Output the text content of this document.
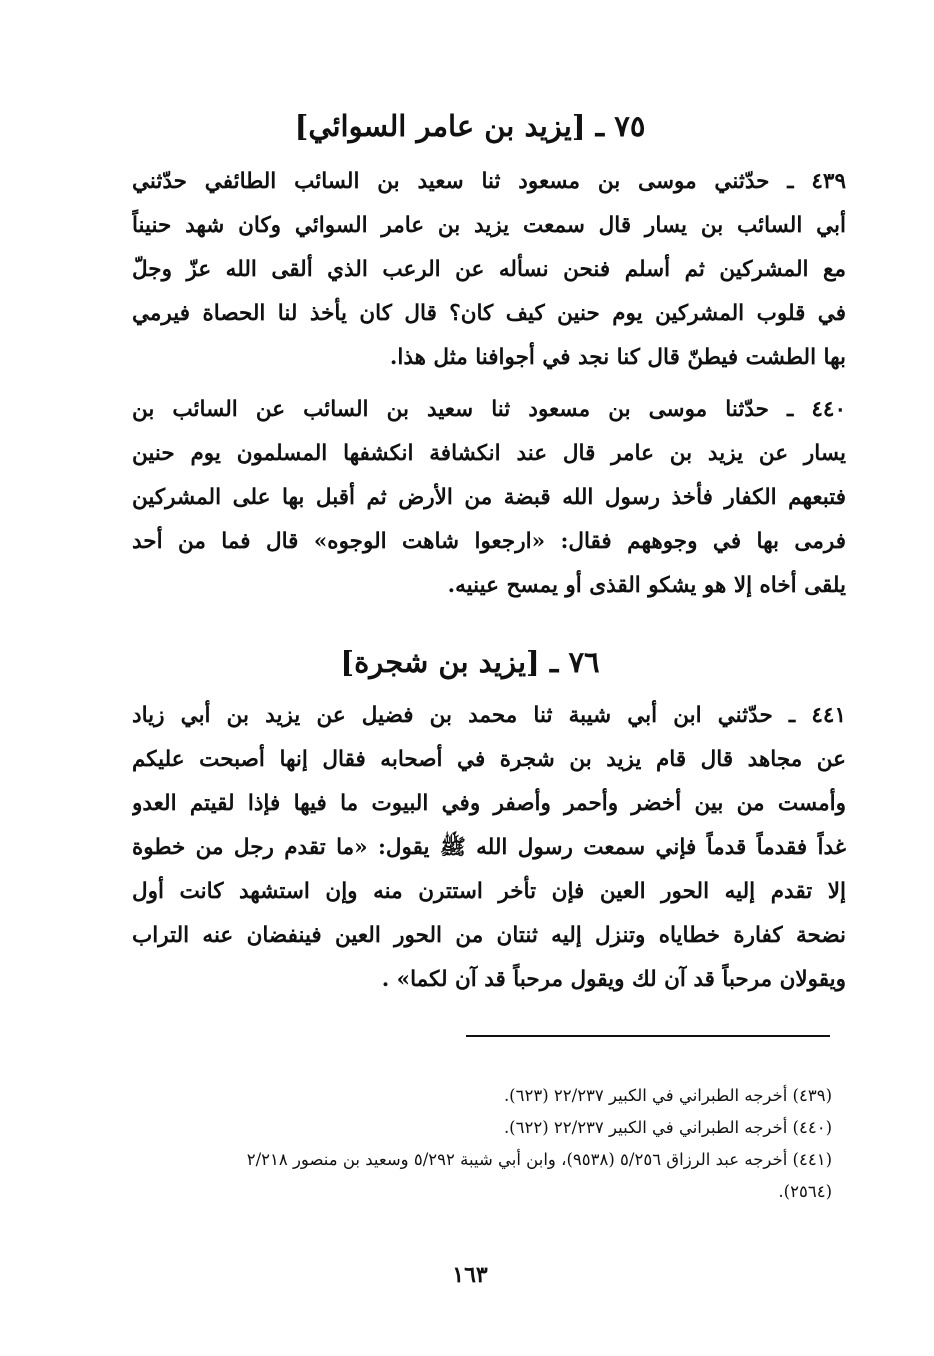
٧٥ ـ [يزيد بن عامر السوائي]
٤٣٩ ـ حدّثني موسى بن مسعود ثنا سعيد بن السائب الطائفي حدّثني
أبي السائب بن يسار قال سمعت يزيد بن عامر السوائي وكان شهد حنيناً
مع المشركين ثم أسلم فنحن نسأله عن الرعب الذي ألقى الله عزّ وجلّ
في قلوب المشركين يوم حنين كيف كان؟ قال كان يأخذ لنا الحصاة فيرمي
بها الطشت فيطنّ قال كنا نجد في أجوافنا مثل هذا.
٤٤٠ ـ حدّثنا موسى بن مسعود ثنا سعيد بن السائب عن السائب بن
يسار عن يزيد بن عامر قال عند انكشافة انكشفها المسلمون يوم حنين
فتبعهم الكفار فأخذ رسول الله قبضة من الأرض ثم أقبل بها على المشركين
فرمى بها في وجوههم فقال: «ارجعوا شاهت الوجوه» قال فما من أحد
يلقى أخاه إلا هو يشكو القذى أو يمسح عينيه.
٧٦ ـ [يزيد بن شجرة]
٤٤١ ـ حدّثني ابن أبي شيبة ثنا محمد بن فضيل عن يزيد بن أبي زياد
عن مجاهد قال قام يزيد بن شجرة في أصحابه فقال إنها أصبحت عليكم
وأمست من بين أخضر وأحمر وأصفر وفي البيوت ما فيها فإذا لقيتم العدو
غداً فقدماً قدماً فإني سمعت رسول الله ﷺ يقول: «ما تقدم رجل من خطوة
إلا تقدم إليه الحور العين فإن تأخر استترن منه وإن استشهد كانت أول
نضحة كفارة خطاياه وتنزل إليه ثنتان من الحور العين فينفضان عنه التراب
ويقولان مرحباً قد آن لك ويقول مرحباً قد آن لكما» .
(٤٣٩) أخرجه الطبراني في الكبير ٢٢/٢٣٧ (٦٢٣).
(٤٤٠) أخرجه الطبراني في الكبير ٢٢/٢٣٧ (٦٢٢).
(٤٤١) أخرجه عبد الرزاق ٥/٢٥٦ (٩٥٣٨)، وابن أبي شيبة ٥/٢٩٢ وسعيد بن منصور ٢/٢١٨
(٢٥٦٤).
١٦٣
